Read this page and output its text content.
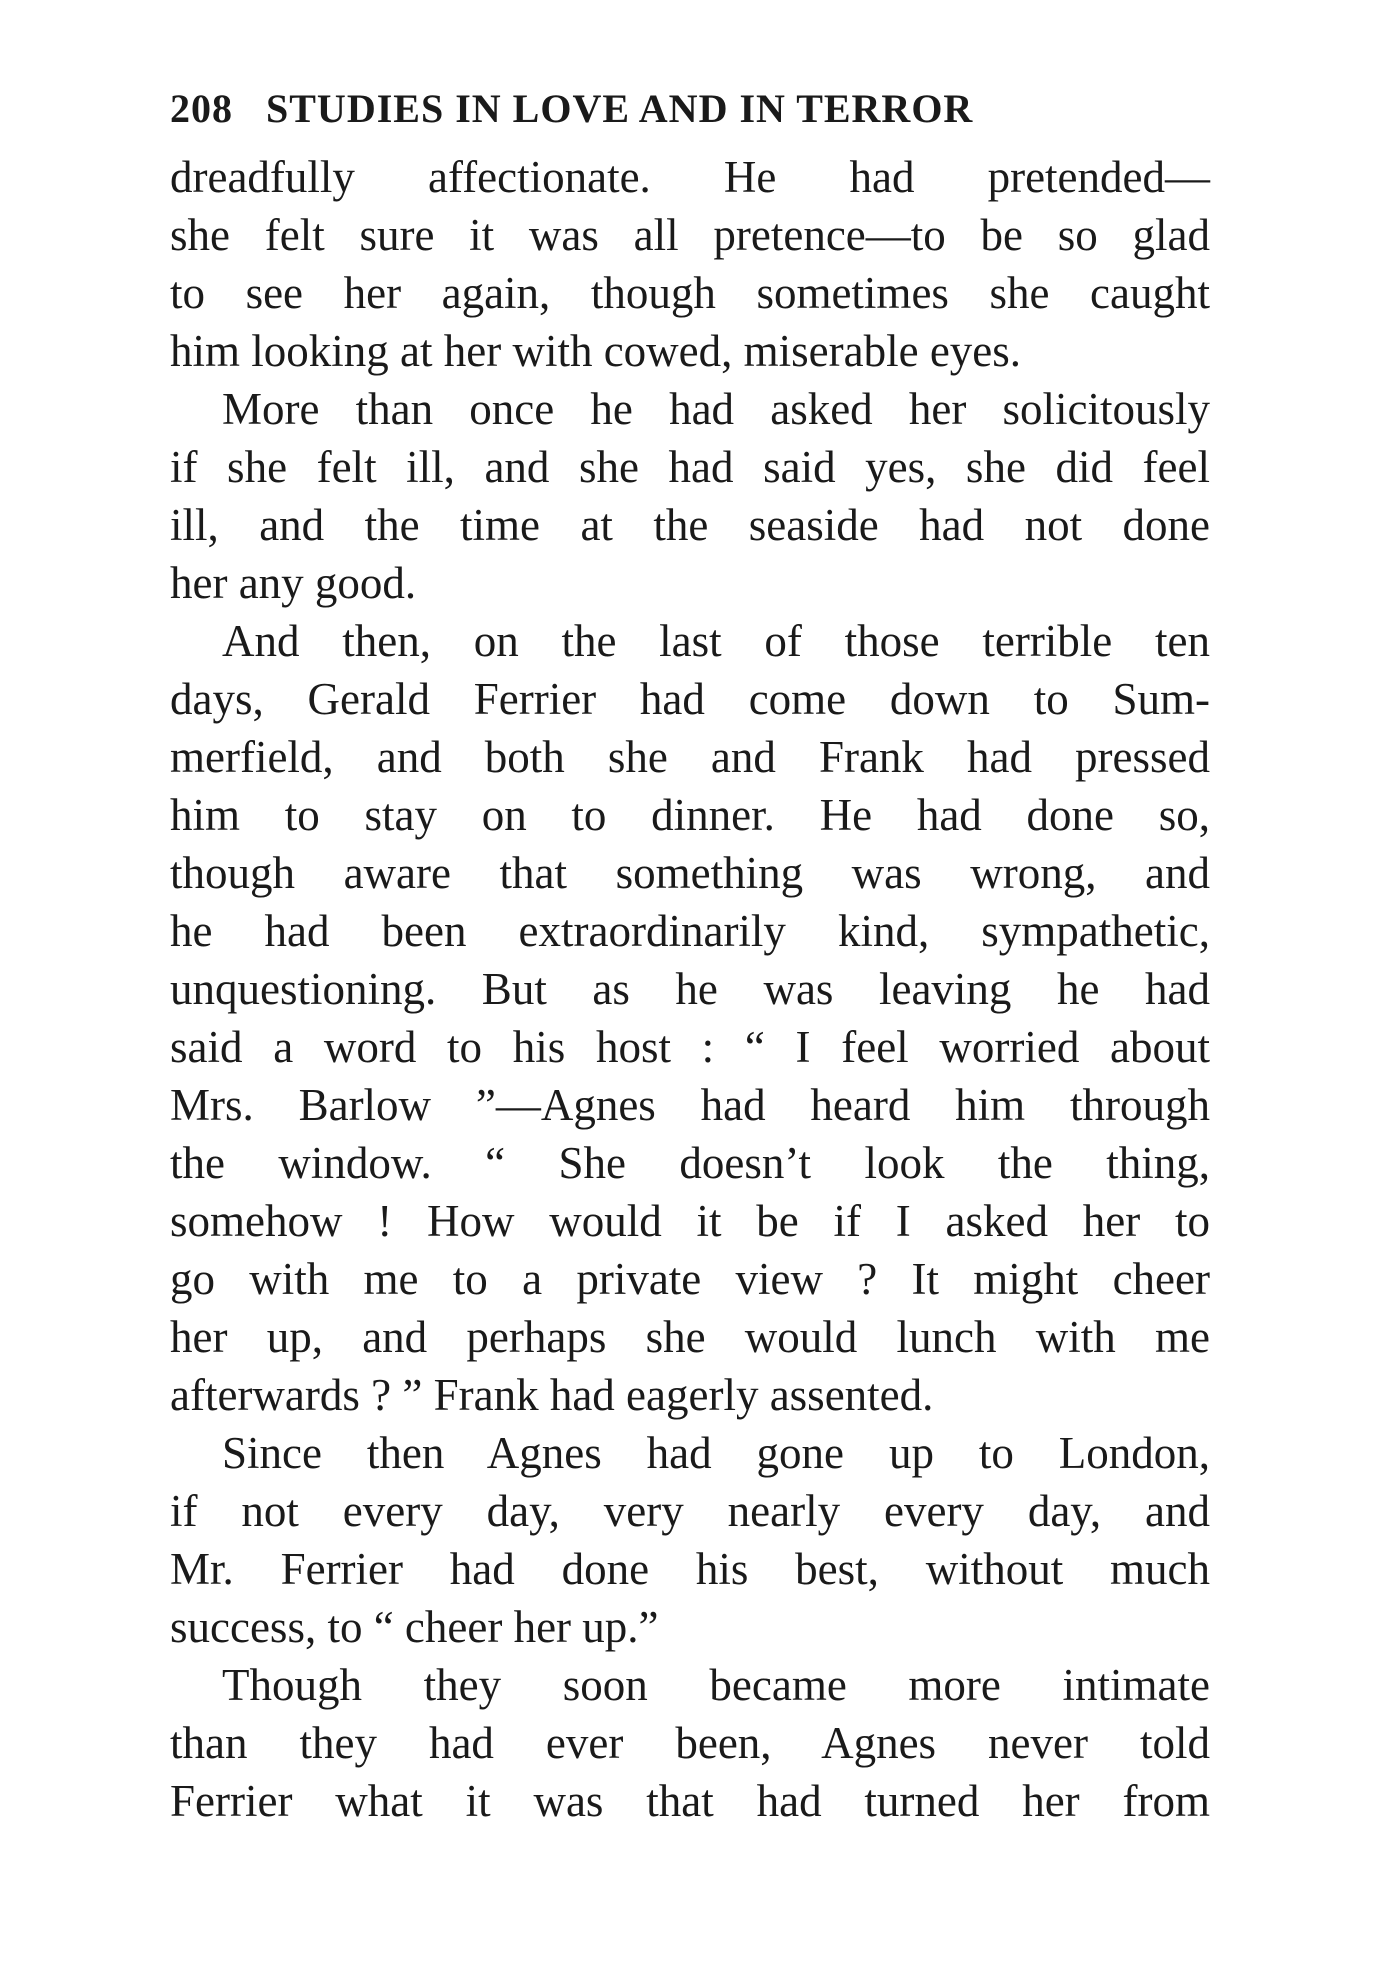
208 STUDIES IN LOVE AND IN TERROR
dreadfully affectionate. He had pretended—
she felt sure it was all pretence—to be so glad
to see her again, though sometimes she caught
him looking at her with cowed, miserable eyes.
More than once he had asked her solicitously
if she felt ill, and she had said yes, she did feel
ill, and the time at the seaside had not done
her any good.
And then, on the last of those terrible ten
days, Gerald Ferrier had come down to Sum-
merfield, and both she and Frank had pressed
him to stay on to dinner. He had done so,
though aware that something was wrong, and
he had been extraordinarily kind, sympathetic,
unquestioning. But as he was leaving he had
said a word to his host : “ I feel worried about
Mrs. Barlow ”—Agnes had heard him through
the window. “ She doesn’t look the thing,
somehow ! How would it be if I asked her to
go with me to a private view ? It might cheer
her up, and perhaps she would lunch with me
afterwards ? ” Frank had eagerly assented.
Since then Agnes had gone up to London,
if not every day, very nearly every day, and
Mr. Ferrier had done his best, without much
success, to “ cheer her up.”
Though they soon became more intimate
than they had ever been, Agnes never told
Ferrier what it was that had turned her from
